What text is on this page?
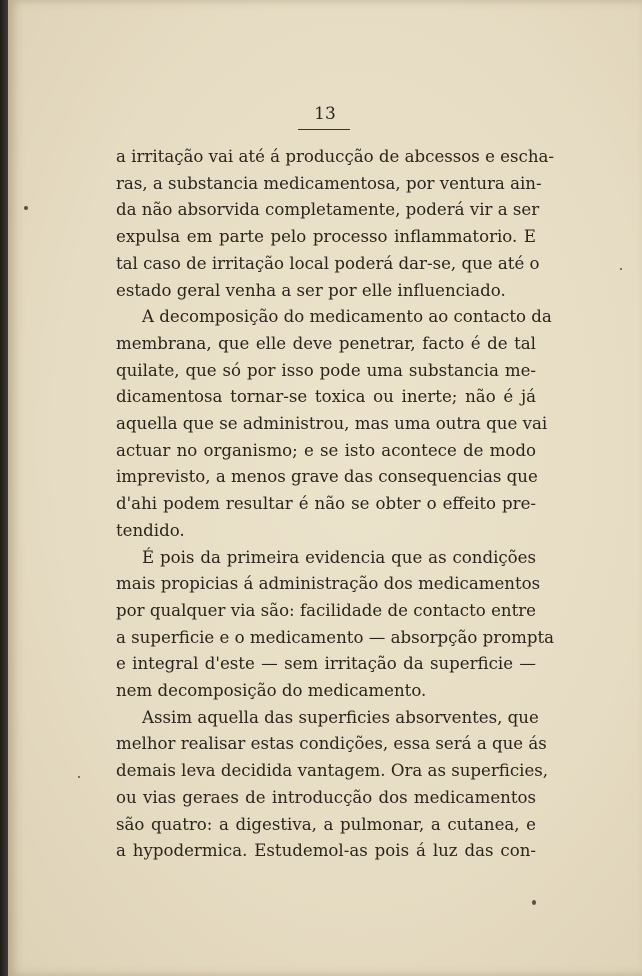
13

a irritação vai até á producção de abcessos e escha-
ras, a substancia medicamentosa, por ventura ain-
da não absorvida completamente, poderá vir a ser
expulsa em parte pelo processo inflammatorio. E
tal caso de irritação local poderá dar-se, que até o
estado geral venha a ser por elle influenciado.

A decomposição do medicamento ao contacto da
membrana, que elle deve penetrar, facto é de tal
quilate, que só por isso pode uma substancia me-
dicamentosa tornar-se toxica ou inerte; não é já
aquella que se administrou, mas uma outra que vai
actuar no organismo; e se isto acontece de modo
imprevisto, a menos grave das consequencias que
d'ahi podem resultar é não se obter o effeito pre-
tendido.

É pois da primeira evidencia que as condições
mais propicias á administração dos medicamentos
por qualquer via são: facilidade de contacto entre
a superficie e o medicamento — absorpção prompta
e integral d'este — sem irritação da superficie —
nem decomposição do medicamento.

Assim aquella das superficies absorventes, que
melhor realisar estas condições, essa será a que ás
demais leva decidida vantagem. Ora as superficies,
ou vias geraes de introducção dos medicamentos
são quatro: a digestiva, a pulmonar, a cutanea, e
a hypodermica. Estudemol-as pois á luz das con-
